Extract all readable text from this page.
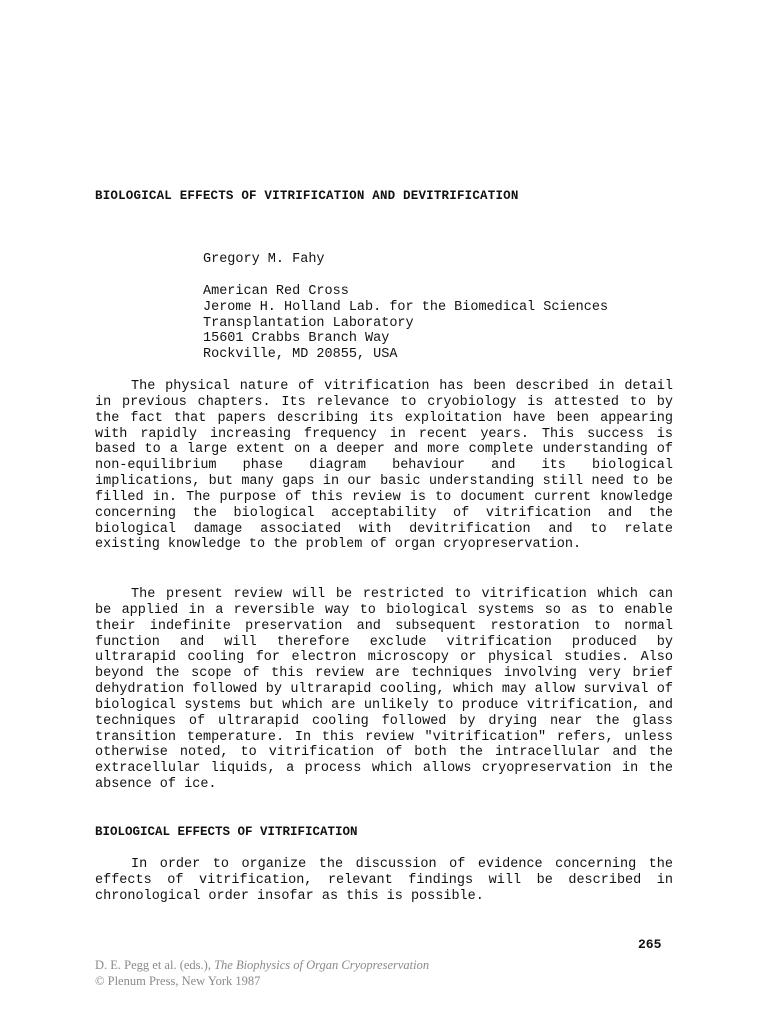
BIOLOGICAL EFFECTS OF VITRIFICATION AND DEVITRIFICATION
Gregory M. Fahy
American Red Cross
Jerome H. Holland Lab. for the Biomedical Sciences
Transplantation Laboratory
15601 Crabbs Branch Way
Rockville, MD 20855, USA

The physical nature of vitrification has been described in detail in previous chapters. Its relevance to cryobiology is attested to by the fact that papers describing its exploitation have been appearing with rapidly increasing frequency in recent years. This success is based to a large extent on a deeper and more complete understanding of non-equilibrium phase diagram behaviour and its biological implications, but many gaps in our basic understanding still need to be filled in. The purpose of this review is to document current knowledge concerning the biological acceptability of vitrification and the biological damage associated with devitrification and to relate existing knowledge to the problem of organ cryopreservation.

The present review will be restricted to vitrification which can be applied in a reversible way to biological systems so as to enable their indefinite preservation and subsequent restoration to normal function and will therefore exclude vitrification produced by ultrarapid cooling for electron microscopy or physical studies. Also beyond the scope of this review are techniques involving very brief dehydration followed by ultrarapid cooling, which may allow survival of biological systems but which are unlikely to produce vitrification, and techniques of ultrarapid cooling followed by drying near the glass transition temperature. In this review "vitrification" refers, unless otherwise noted, to vitrification of both the intracellular and the extracellular liquids, a process which allows cryopreservation in the absence of ice.

BIOLOGICAL EFFECTS OF VITRIFICATION

In order to organize the discussion of evidence concerning the effects of vitrification, relevant findings will be described in chronological order insofar as this is possible.

265
D. E. Pegg et al. (eds.), The Biophysics of Organ Cryopreservation
© Plenum Press, New York 1987
